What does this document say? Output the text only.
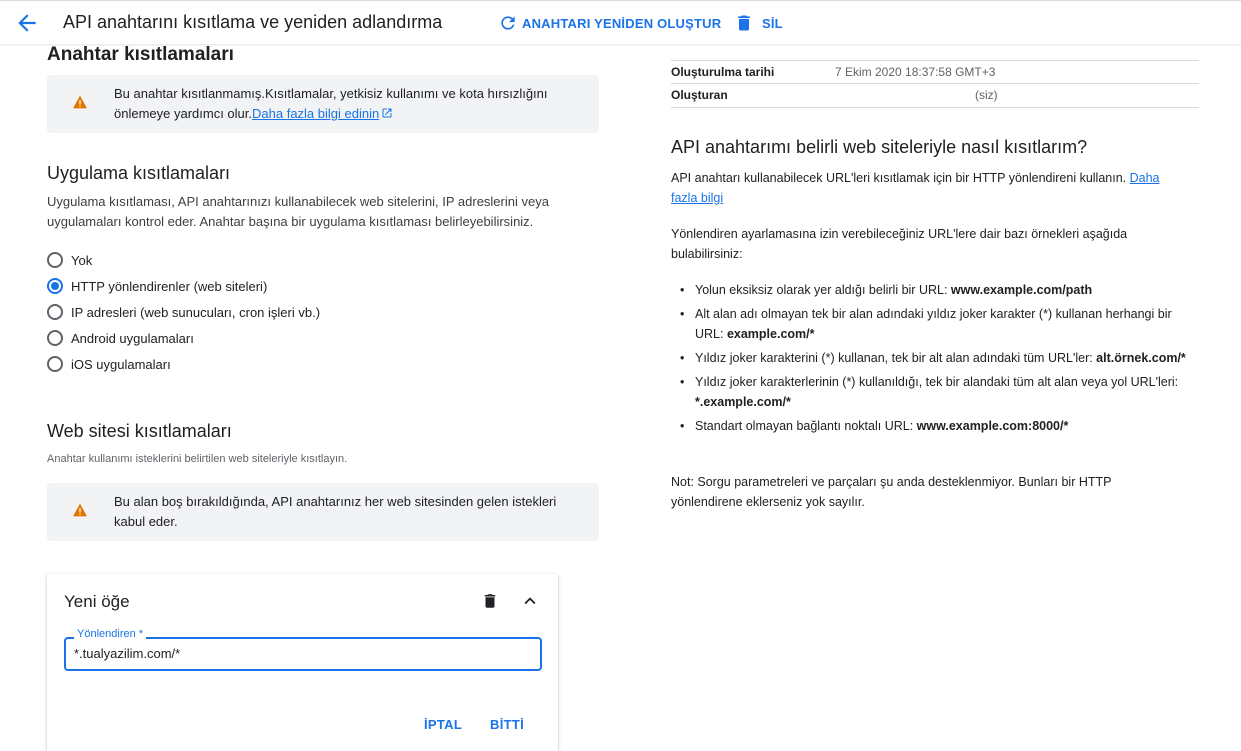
API anahtarını kısıtlama ve yeniden adlandırma	ANAHTARI YENİDEN OLUŞTUR	SİL
Anahtar kısıtlamaları
Bu anahtar kısıtlanmamış.Kısıtlamalar, yetkisiz kullanımı ve kota hırsızlığını önlemeye yardımcı olur.Daha fazla bilgi edinin
Uygulama kısıtlamaları
Uygulama kısıtlaması, API anahtarınızı kullanabilecek web sitelerini, IP adreslerini veya uygulamaları kontrol eder. Anahtar başına bir uygulama kısıtlaması belirleyebilirsiniz.
Yok
HTTP yönlendirenler (web siteleri)
IP adresleri (web sunucuları, cron işleri vb.)
Android uygulamaları
iOS uygulamaları
Web sitesi kısıtlamaları
Anahtar kullanımı isteklerini belirtilen web siteleriyle kısıtlayın.
Bu alan boş bırakıldığında, API anahtarınız her web sitesinden gelen istekleri kabul eder.
Yeni öğe
Yönlendiren *
*.tualyazilim.com/*
İPTAL BİTTİ
Oluşturulma tarihi	7 Ekim 2020 18:37:58 GMT+3
Oluşturan	(siz)
API anahtarımı belirli web siteleriyle nasıl kısıtlarım?
API anahtarı kullanabilecek URL'leri kısıtlamak için bir HTTP yönlendireni kullanın. Daha fazla bilgi
Yönlendiren ayarlamasına izin verebileceğiniz URL'lere dair bazı örnekleri aşağıda bulabilirsiniz:
• Yolun eksiksiz olarak yer aldığı belirli bir URL: www.example.com/path
• Alt alan adı olmayan tek bir alan adındaki yıldız joker karakter (*) kullanan herhangi bir URL: example.com/*
• Yıldız joker karakterini (*) kullanan, tek bir alt alan adındaki tüm URL'ler: alt.örnek.com/*
• Yıldız joker karakterlerinin (*) kullanıldığı, tek bir alandaki tüm alt alan veya yol URL'leri: *.example.com/*
• Standart olmayan bağlantı noktalı URL: www.example.com:8000/*
Not: Sorgu parametreleri ve parçaları şu anda desteklenmiyor. Bunları bir HTTP yönlendirene eklerseniz yok sayılır.
